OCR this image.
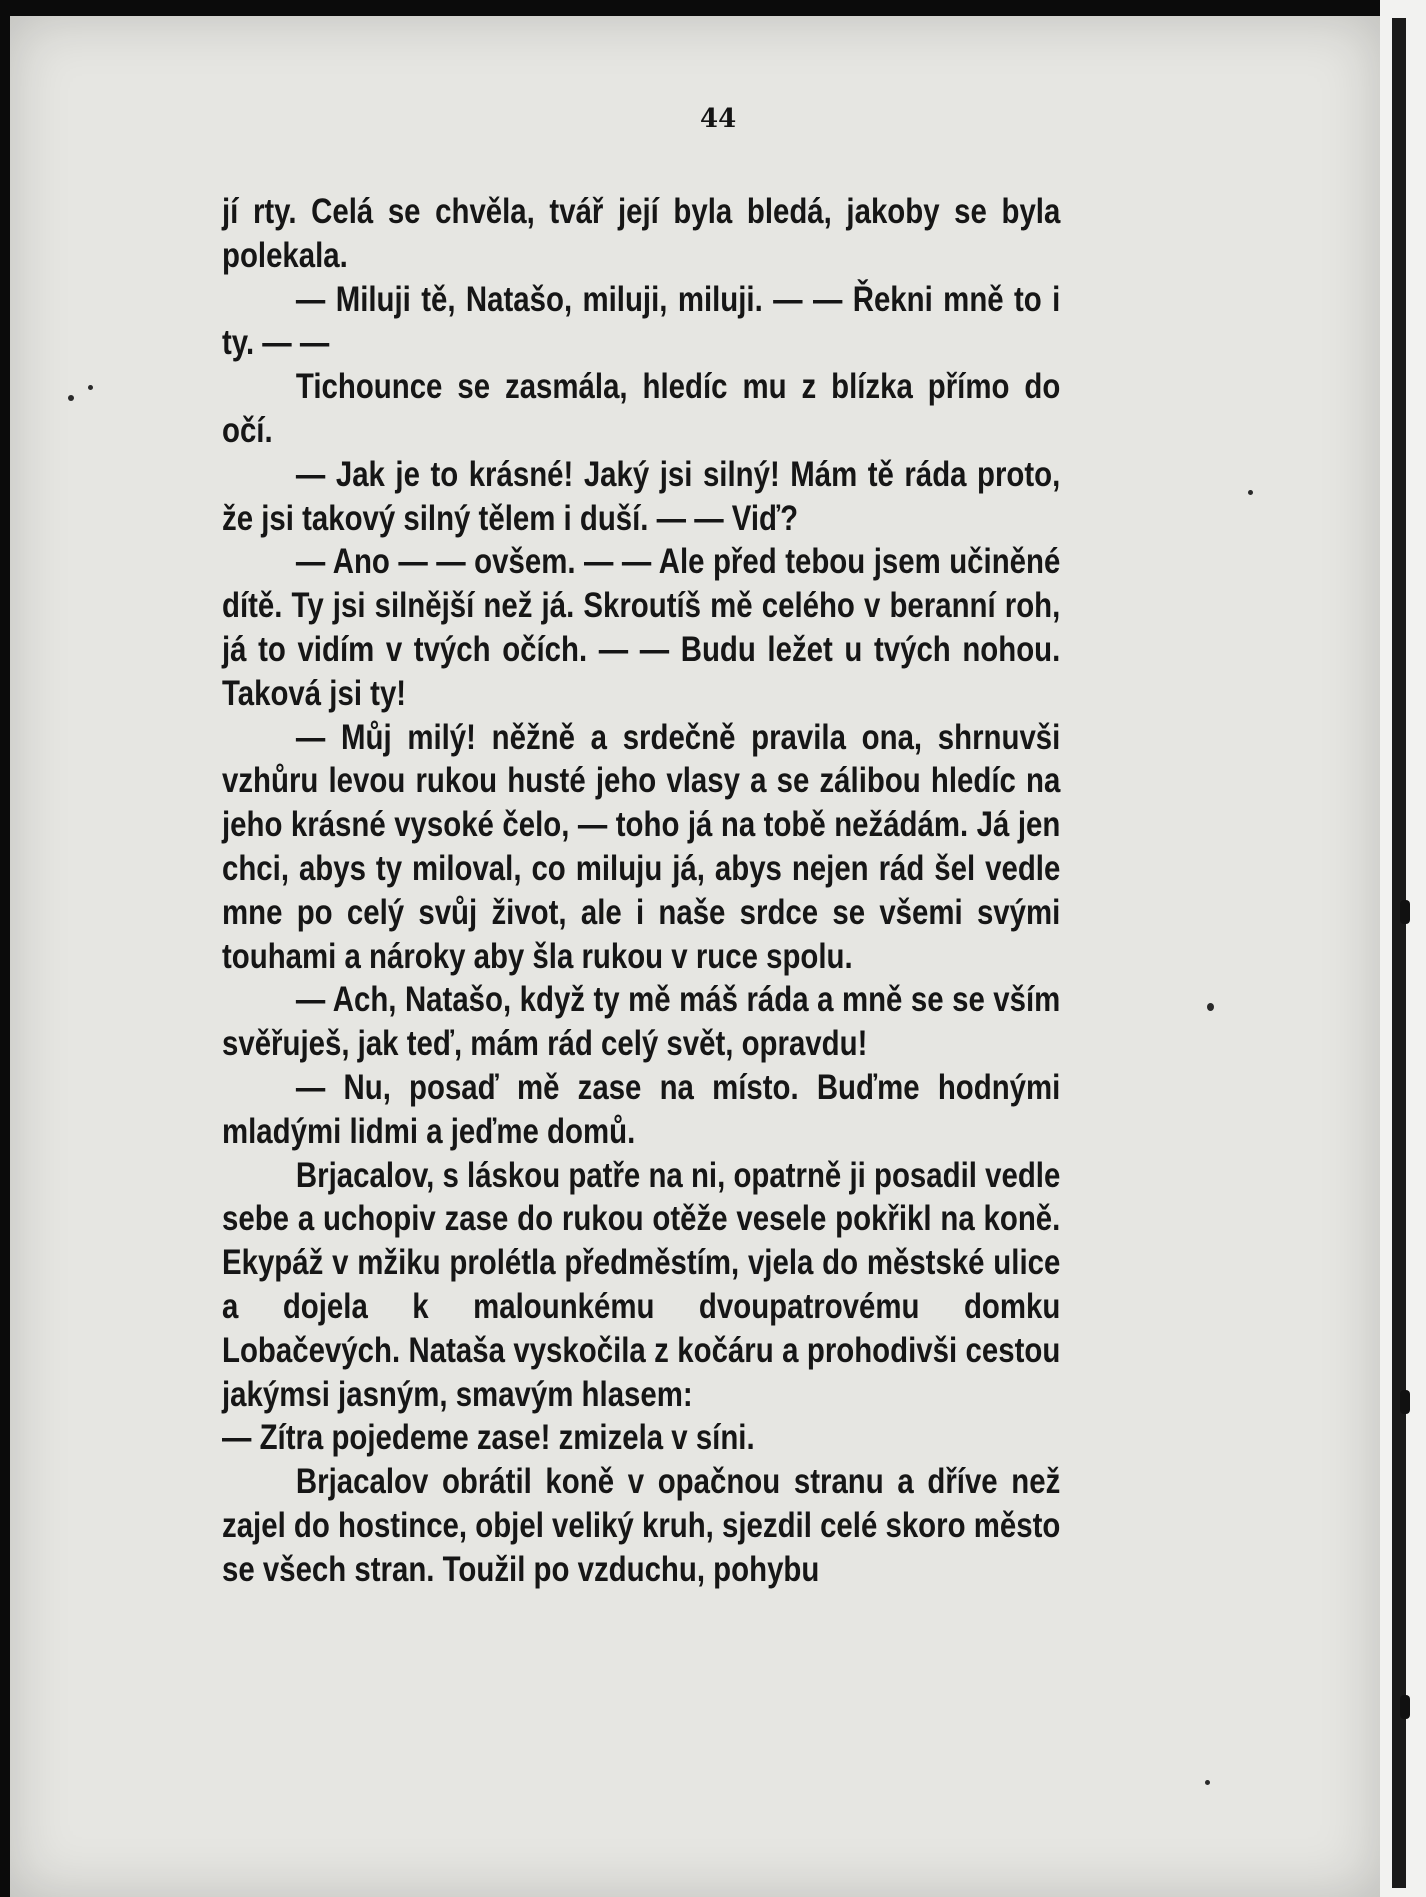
44

jí rty. Celá se chvěla, tvář její byla bledá, jakoby se byla polekala.

— Miluji tě, Natašo, miluji, miluji. — — Řekni mně to i ty. — —

Tichounce se zasmála, hledíc mu z blízka přímo do očí.

— Jak je to krásné! Jaký jsi silný! Mám tě ráda proto, že jsi takový silný tělem i duší. — — Viď?

— Ano — — ovšem. — — Ale před tebou jsem učiněné dítě. Ty jsi silnější než já. Skroutíš mě celého v beranní roh, já to vidím v tvých očích. — — Budu ležet u tvých nohou. Taková jsi ty!

— Můj milý! něžně a srdečně pravila ona, shrnuvši vzhůru levou rukou husté jeho vlasy a se zálibou hledíc na jeho krásné vysoké čelo, — toho já na tobě nežádám. Já jen chci, abys ty miloval, co miluju já, abys nejen rád šel vedle mne po celý svůj život, ale i naše srdce se všemi svými touhami a nároky aby šla rukou v ruce spolu.

— Ach, Natašo, když ty mě máš ráda a mně se se vším svěřuješ, jak teď, mám rád celý svět, opravdu!

— Nu, posaď mě zase na místo. Buďme hodnými mladými lidmi a jeďme domů.

Brjacalov, s láskou patře na ni, opatrně ji posadil vedle sebe a uchopiv zase do rukou otěže vesele pokřikl na koně. Ekypáž v mžiku prolétla předměstím, vjela do městské ulice a dojela k malounkému dvoupatrovému domku Lobačevých. Nataša vyskočila z kočáru a prohodivši cestou jakýmsi jasným, smavým hlasem:

— Zítra pojedeme zase! zmizela v síni.

Brjacalov obrátil koně v opačnou stranu a dříve než zajel do hostince, objel veliký kruh, sjezdil celé skoro město se všech stran. Toužil po vzduchu, pohybu
